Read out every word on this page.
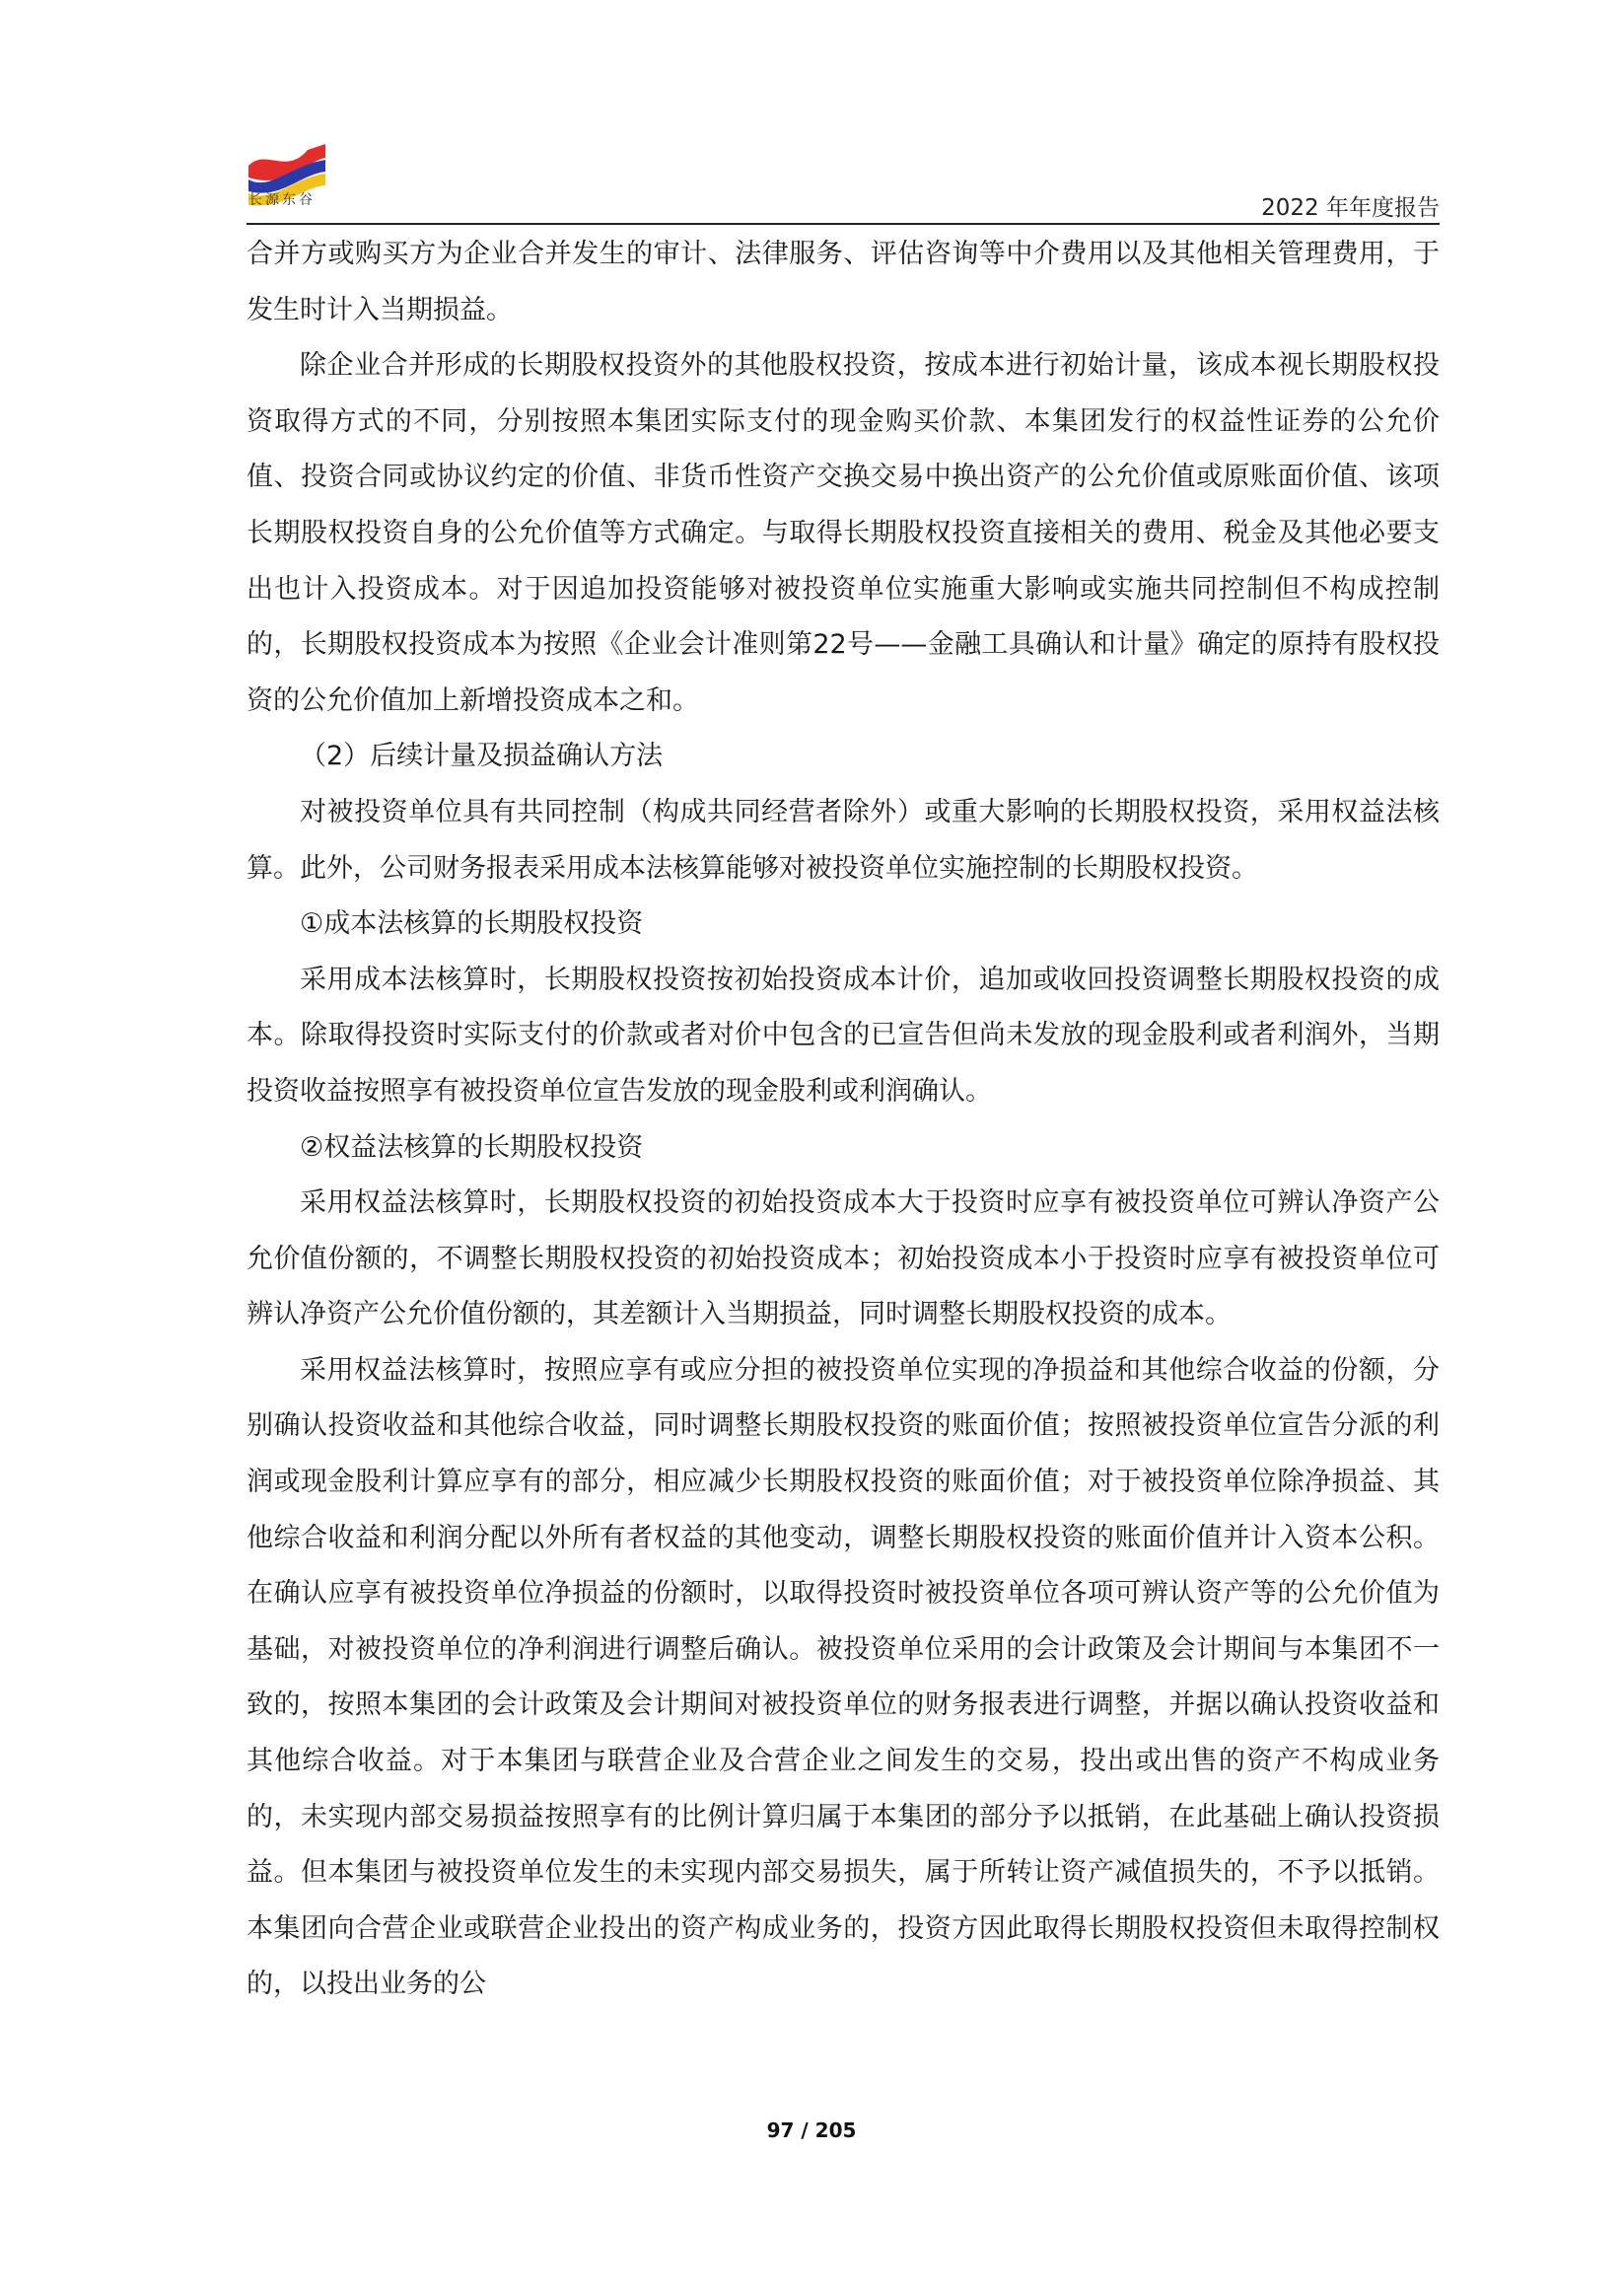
长源东谷	2022 年年度报告

合并方或购买方为企业合并发生的审计、法律服务、评估咨询等中介费用以及其他相关管理费用，于发生时计入当期损益。

除企业合并形成的长期股权投资外的其他股权投资，按成本进行初始计量，该成本视长期股权投资取得方式的不同，分别按照本集团实际支付的现金购买价款、本集团发行的权益性证券的公允价值、投资合同或协议约定的价值、非货币性资产交换交易中换出资产的公允价值或原账面价值、该项长期股权投资自身的公允价值等方式确定。与取得长期股权投资直接相关的费用、税金及其他必要支出也计入投资成本。对于因追加投资能够对被投资单位实施重大影响或实施共同控制但不构成控制的，长期股权投资成本为按照《企业会计准则第22号——金融工具确认和计量》确定的原持有股权投资的公允价值加上新增投资成本之和。

（2）后续计量及损益确认方法

对被投资单位具有共同控制（构成共同经营者除外）或重大影响的长期股权投资，采用权益法核算。此外，公司财务报表采用成本法核算能够对被投资单位实施控制的长期股权投资。

①成本法核算的长期股权投资

采用成本法核算时，长期股权投资按初始投资成本计价，追加或收回投资调整长期股权投资的成本。除取得投资时实际支付的价款或者对价中包含的已宣告但尚未发放的现金股利或者利润外，当期投资收益按照享有被投资单位宣告发放的现金股利或利润确认。

②权益法核算的长期股权投资

采用权益法核算时，长期股权投资的初始投资成本大于投资时应享有被投资单位可辨认净资产公允价值份额的，不调整长期股权投资的初始投资成本；初始投资成本小于投资时应享有被投资单位可辨认净资产公允价值份额的，其差额计入当期损益，同时调整长期股权投资的成本。

采用权益法核算时，按照应享有或应分担的被投资单位实现的净损益和其他综合收益的份额，分别确认投资收益和其他综合收益，同时调整长期股权投资的账面价值；按照被投资单位宣告分派的利润或现金股利计算应享有的部分，相应减少长期股权投资的账面价值；对于被投资单位除净损益、其他综合收益和利润分配以外所有者权益的其他变动，调整长期股权投资的账面价值并计入资本公积。在确认应享有被投资单位净损益的份额时，以取得投资时被投资单位各项可辨认资产等的公允价值为基础，对被投资单位的净利润进行调整后确认。被投资单位采用的会计政策及会计期间与本集团不一致的，按照本集团的会计政策及会计期间对被投资单位的财务报表进行调整，并据以确认投资收益和其他综合收益。对于本集团与联营企业及合营企业之间发生的交易，投出或出售的资产不构成业务的，未实现内部交易损益按照享有的比例计算归属于本集团的部分予以抵销，在此基础上确认投资损益。但本集团与被投资单位发生的未实现内部交易损失，属于所转让资产减值损失的，不予以抵销。本集团向合营企业或联营企业投出的资产构成业务的，投资方因此取得长期股权投资但未取得控制权的，以投出业务的公

97 / 205
